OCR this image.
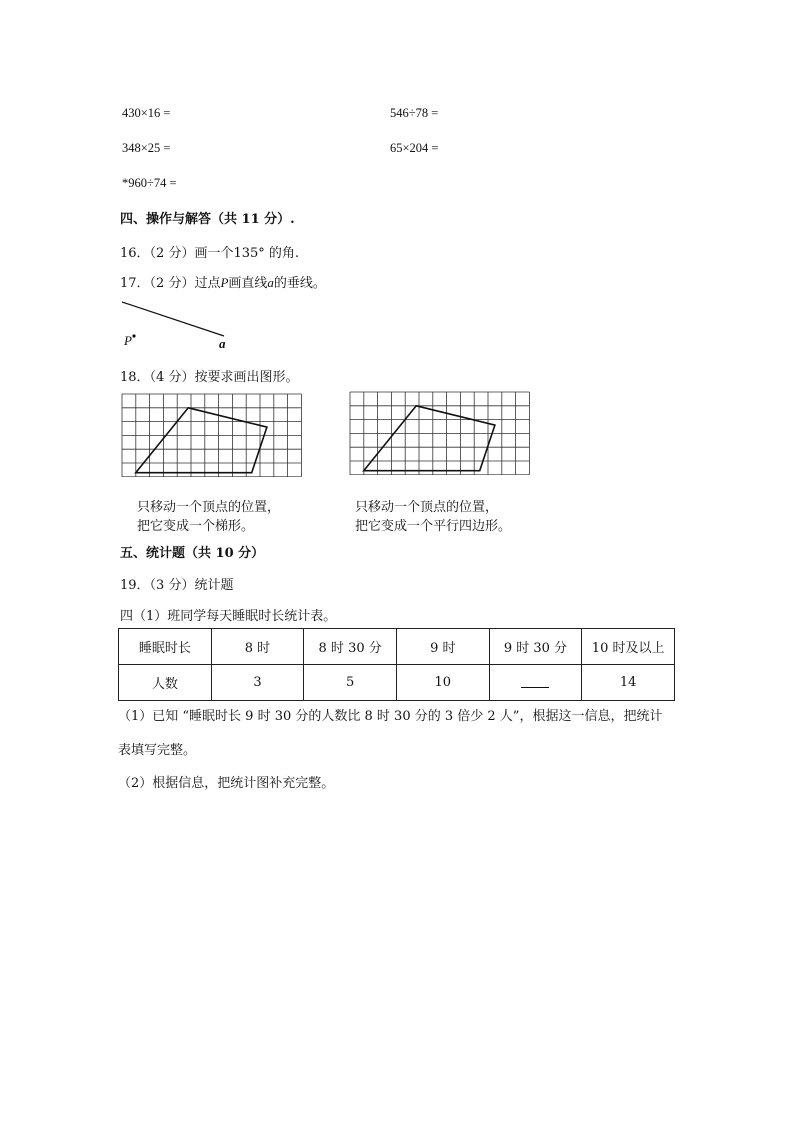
430×16 =	546÷78 =
348×25 =	65×204 =
*960÷74 =
四、操作与解答（共 11 分）.
16．（2 分）画一个135° 的角.
17．（2 分）过点P画直线a的垂线。
P	a
18．（4 分）按要求画出图形。
只移动一个顶点的位置，
把它变成一个梯形。
只移动一个顶点的位置，
把它变成一个平行四边形。
五、统计题（共 10 分）
19．（3 分）统计题
四（1）班同学每天睡眠时长统计表。
睡眠时长	8 时	8 时 30 分	9 时	9 时 30 分	10 时及以上
人数	3	5	10		14
（1）已知 “睡眠时长 9 时 30 分的人数比 8 时 30 分的 3 倍少 2 人”，根据这一信息，把统计
表填写完整。
（2）根据信息，把统计图补充完整。
